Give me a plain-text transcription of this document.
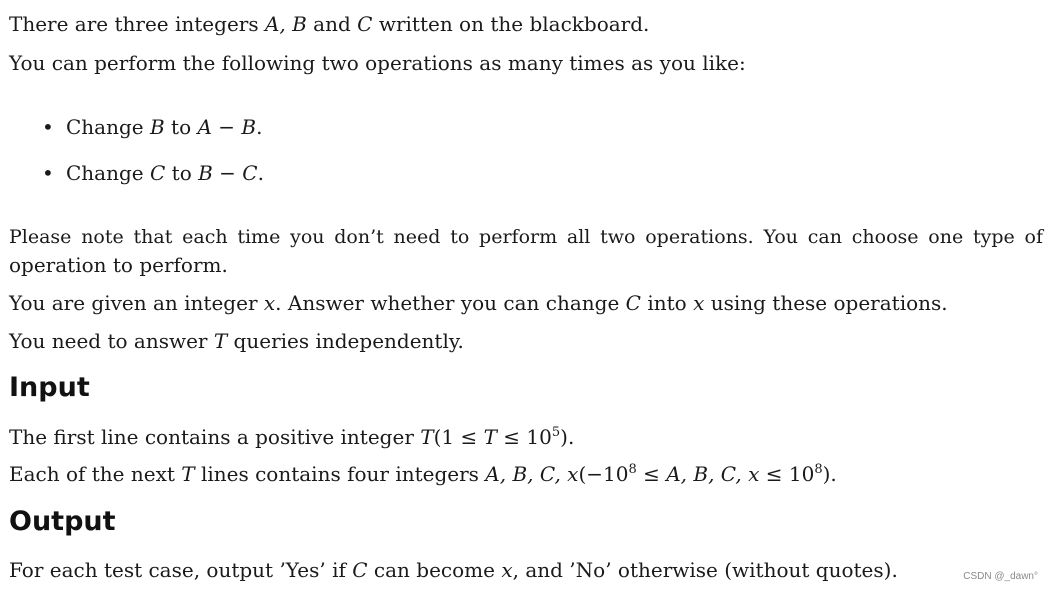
There are three integers A, B and C written on the blackboard.
You can perform the following two operations as many times as you like:
• Change B to A − B.
• Change C to B − C.
Please note that each time you don’t need to perform all two operations. You can choose one type of
operation to perform.
You are given an integer x. Answer whether you can change C into x using these operations.
You need to answer T queries independently.
Input
The first line contains a positive integer $T(1 \le T \le 10^5)$.
Each of the next T lines contains four integers A, B, C, $x(-10^8 \le A$, B, C, $x \le 10^8$).
Output
For each test case, output ’Yes’ if C can become x, and ’No’ otherwise (without quotes).	CSDN @_dawn°
